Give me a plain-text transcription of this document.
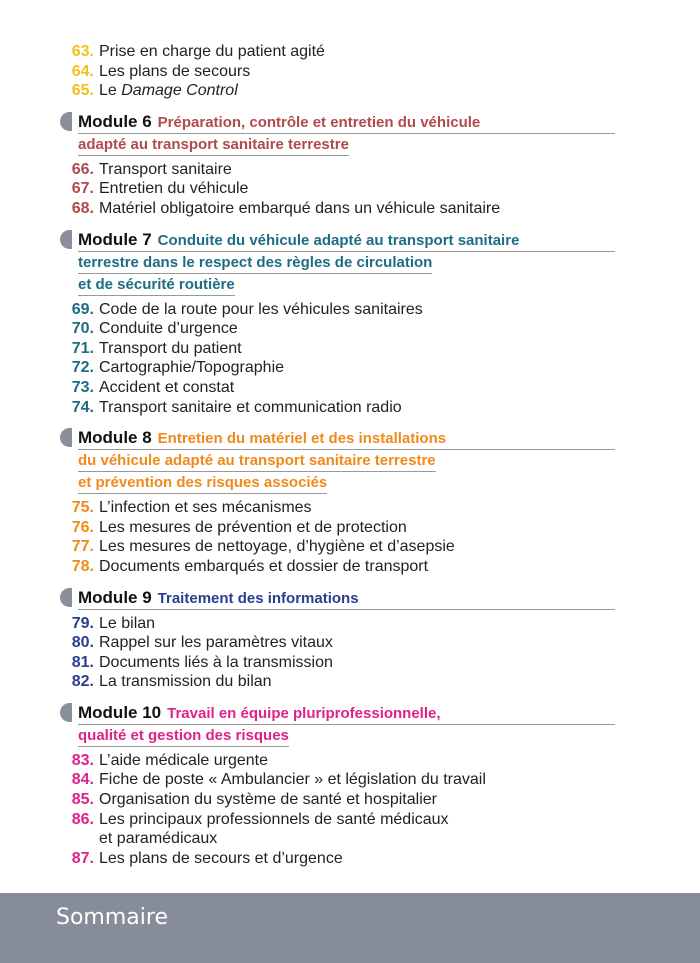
63. Prise en charge du patient agité
64. Les plans de secours
65. Le Damage Control
Module 6 Préparation, contrôle et entretien du véhicule
adapté au transport sanitaire terrestre
66. Transport sanitaire
67. Entretien du véhicule
68. Matériel obligatoire embarqué dans un véhicule sanitaire
Module 7 Conduite du véhicule adapté au transport sanitaire
terrestre dans le respect des règles de circulation
et de sécurité routière
69. Code de la route pour les véhicules sanitaires
70. Conduite d’urgence
71. Transport du patient
72. Cartographie/Topographie
73. Accident et constat
74. Transport sanitaire et communication radio
Module 8 Entretien du matériel et des installations
du véhicule adapté au transport sanitaire terrestre
et prévention des risques associés
75. L’infection et ses mécanismes
76. Les mesures de prévention et de protection
77. Les mesures de nettoyage, d’hygiène et d’asepsie
78. Documents embarqués et dossier de transport
Module 9 Traitement des informations
79. Le bilan
80. Rappel sur les paramètres vitaux
81. Documents liés à la transmission
82. La transmission du bilan
Module 10 Travail en équipe pluriprofessionnelle,
qualité et gestion des risques
83. L’aide médicale urgente
84. Fiche de poste « Ambulancier » et législation du travail
85. Organisation du système de santé et hospitalier
86. Les principaux professionnels de santé médicaux
et paramédicaux
87. Les plans de secours et d’urgence
Sommaire
